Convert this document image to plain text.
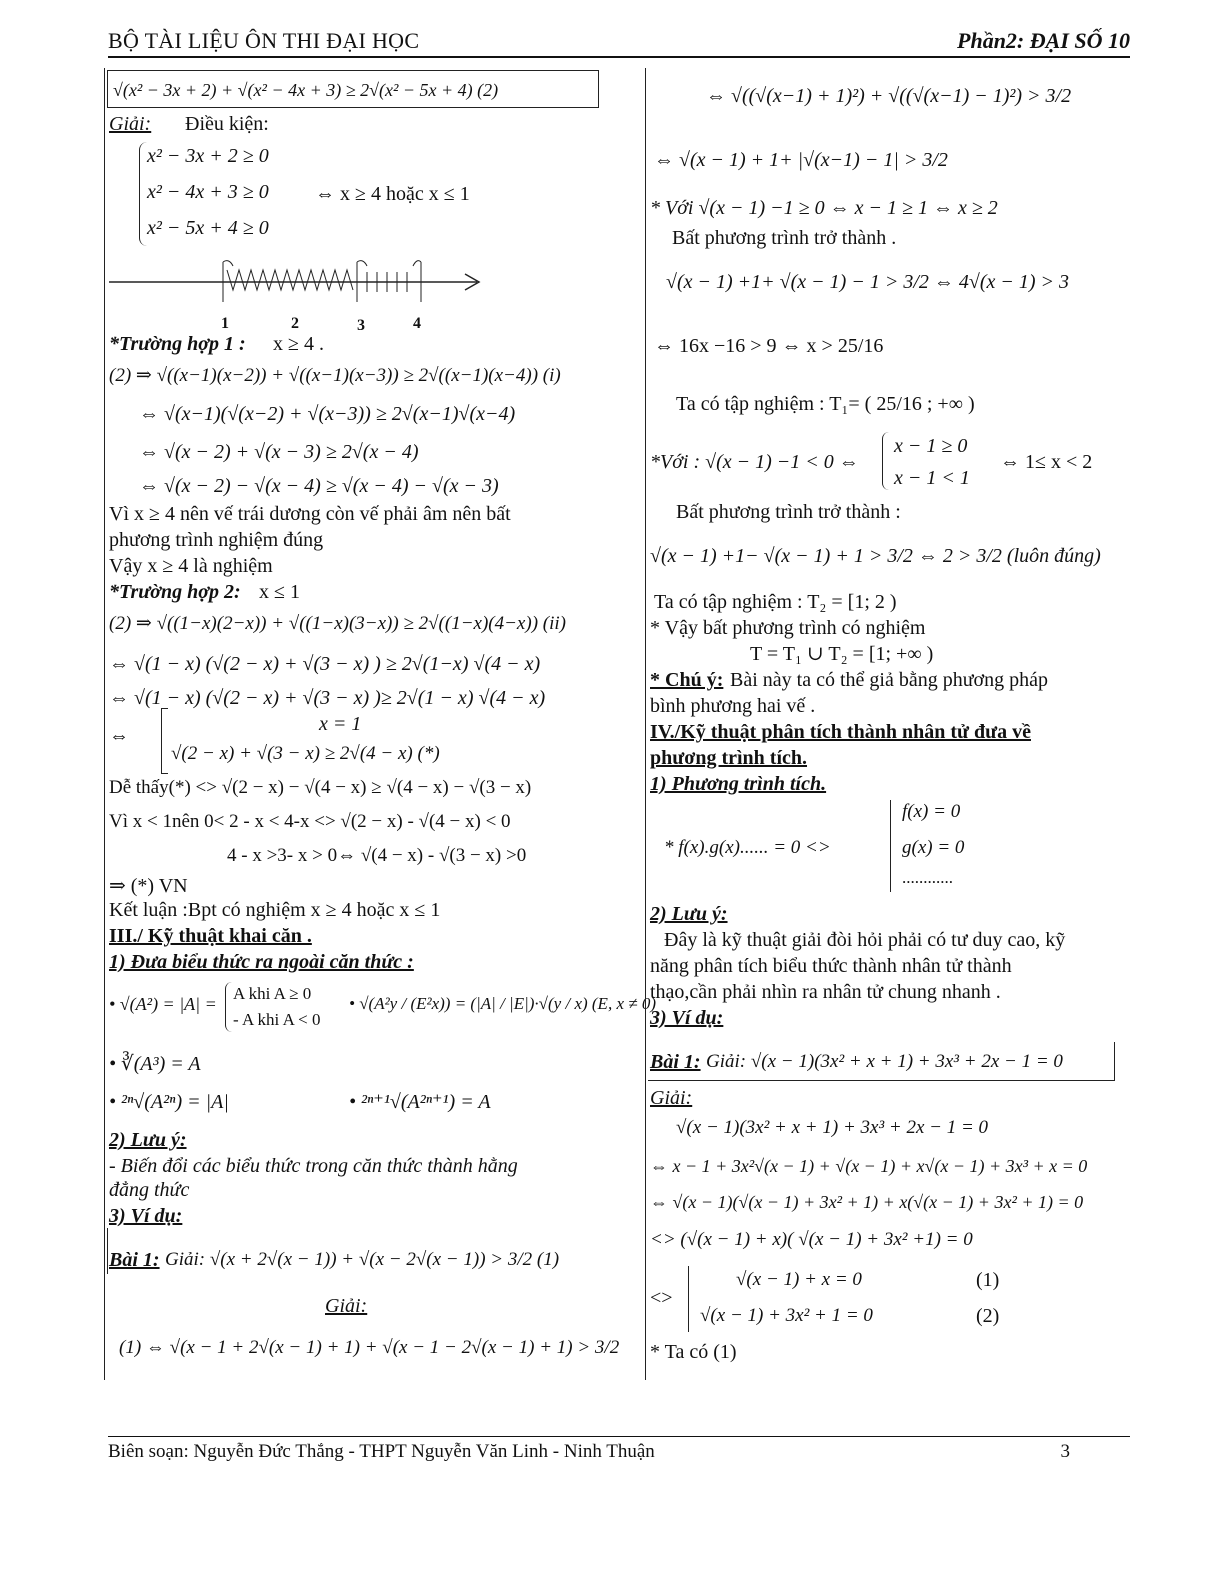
BỘ TÀI LIỆU ÔN THI ĐẠI HỌC	Phần2: ĐẠI SỐ 10
√(x² − 3x + 2) + √(x² − 4x + 3) ≥ 2√(x² − 5x + 4) (2)
Giải: Điều kiện:
x² − 3x + 2 ≥ 0
x² − 4x + 3 ≥ 0 ⇔ x ≥ 4 hoặc x ≤ 1
x² − 5x + 4 ≥ 0
1	2	3	4
*Trường hợp 1 : x ≥ 4 .
(2) ⇒ √((x−1)(x−2)) + √((x−1)(x−3)) ≥ 2√((x−1)(x−4)) (i)
⇔ √(x−1)(√(x−2) + √(x−3)) ≥ 2√(x−1)√(x−4)
⇔ √(x − 2) + √(x − 3) ≥ 2√(x − 4)
⇔ √(x − 2) − √(x − 4) ≥ √(x − 4) − √(x − 3)
Vì x ≥ 4 nên vế trái dương còn vế phải âm nên bất
phương trình nghiệm đúng
Vậy x ≥ 4 là nghiệm
*Trường hợp 2: x ≤ 1
(2) ⇒ √((1−x)(2−x)) + √((1−x)(3−x)) ≥ 2√((1−x)(4−x)) (ii)
⇔ √(1 − x) (√(2 − x) + √(3 − x) ) ≥ 2√(1−x) √(4 − x)
⇔ √(1 − x) (√(2 − x) + √(3 − x) )≥ 2√(1 − x) √(4 − x)
⇔
x = 1
√(2 − x) + √(3 − x) ≥ 2√(4 − x) (*)
Dễ thấy(*) <> √(2 − x) − √(4 − x) ≥ √(4 − x) − √(3 − x)
Vì x < 1nên 0< 2 - x < 4-x <> √(2 − x) - √(4 − x) < 0
4 - x >3- x > 0⇔ √(4 − x) - √(3 − x) >0
⇒ (*) VN
Kết luận :Bpt có nghiệm x ≥ 4 hoặc x ≤ 1
III./ Kỹ thuật khai căn .
1) Đưa biểu thức ra ngoài căn thức :
• √(A²) = |A| =
A khi A ≥ 0
- A khi A < 0
• √(A²y / (E²x)) = (|A| / |E|)·√(y / x) (E, x ≠ 0)
• ∛(A³) = A
• ²ⁿ√(A²ⁿ) = |A|	• ²ⁿ⁺¹√(A²ⁿ⁺¹) = A
2) Lưu ý:
- Biến đổi các biểu thức trong căn thức thành hằng
đẳng thức
3) Ví dụ:
Bài 1: Giải: √(x + 2√(x − 1)) + √(x − 2√(x − 1)) > 3/2 (1)
Giải:
(1) ⇔ √(x − 1 + 2√(x − 1) + 1) + √(x − 1 − 2√(x − 1) + 1) > 3/2
⇔ √((√(x−1) + 1)²) + √((√(x−1) − 1)²) > 3/2
⇔ √(x − 1) + 1+ |√(x−1) − 1| > 3/2
* Với √(x − 1) −1 ≥ 0 ⇔ x − 1 ≥ 1 ⇔ x ≥ 2
Bất phương trình trở thành .
√(x − 1) +1+ √(x − 1) − 1 > 3/2 ⇔ 4√(x − 1) > 3
⇔ 16x −16 > 9 ⇔ x > 25/16
Ta có tập nghiệm : T₁= ( 25/16 ; +∞ )
*Với : √(x − 1) −1 < 0 ⇔
x − 1 ≥ 0
x − 1 < 1
⇔ 1≤ x < 2
Bất phương trình trở thành :
√(x − 1) +1− √(x − 1) + 1 > 3/2 ⇔ 2 > 3/2 (luôn đúng)
Ta có tập nghiệm : T₂ = [1; 2 )
* Vậy bất phương trình có nghiệm
T = T₁ ∪ T₂ = [1; +∞ )
* Chú ý: Bài này ta có thể giả bằng phương pháp
bình phương hai vế .
IV./Kỹ thuật phân tích thành nhân tử đưa về
phương trình tích.
1) Phương trình tích.
f(x) = 0
* f(x).g(x)...... = 0 <>	g(x) = 0
............
2) Lưu ý:
Đây là kỹ thuật giải đòi hỏi phải có tư duy cao, kỹ
năng phân tích biểu thức thành nhân tử thành
thạo,cần phải nhìn ra nhân tử chung nhanh .
3) Ví dụ:
Bài 1: Giải: √(x − 1)(3x² + x + 1) + 3x³ + 2x − 1 = 0
Giải:
√(x − 1)(3x² + x + 1) + 3x³ + 2x − 1 = 0
⇔ x − 1 + 3x²√(x − 1) + √(x − 1) + x√(x − 1) + 3x³ + x = 0
⇔ √(x − 1)(√(x − 1) + 3x² + 1) + x(√(x − 1) + 3x² + 1) = 0
<> (√(x − 1) + x)( √(x − 1) + 3x² +1) = 0
<>
√(x − 1) + x = 0	(1)
√(x − 1) + 3x² + 1 = 0	(2)
* Ta có (1)
Biên soạn: Nguyễn Đức Thắng - THPT Nguyễn Văn Linh - Ninh Thuận	3
